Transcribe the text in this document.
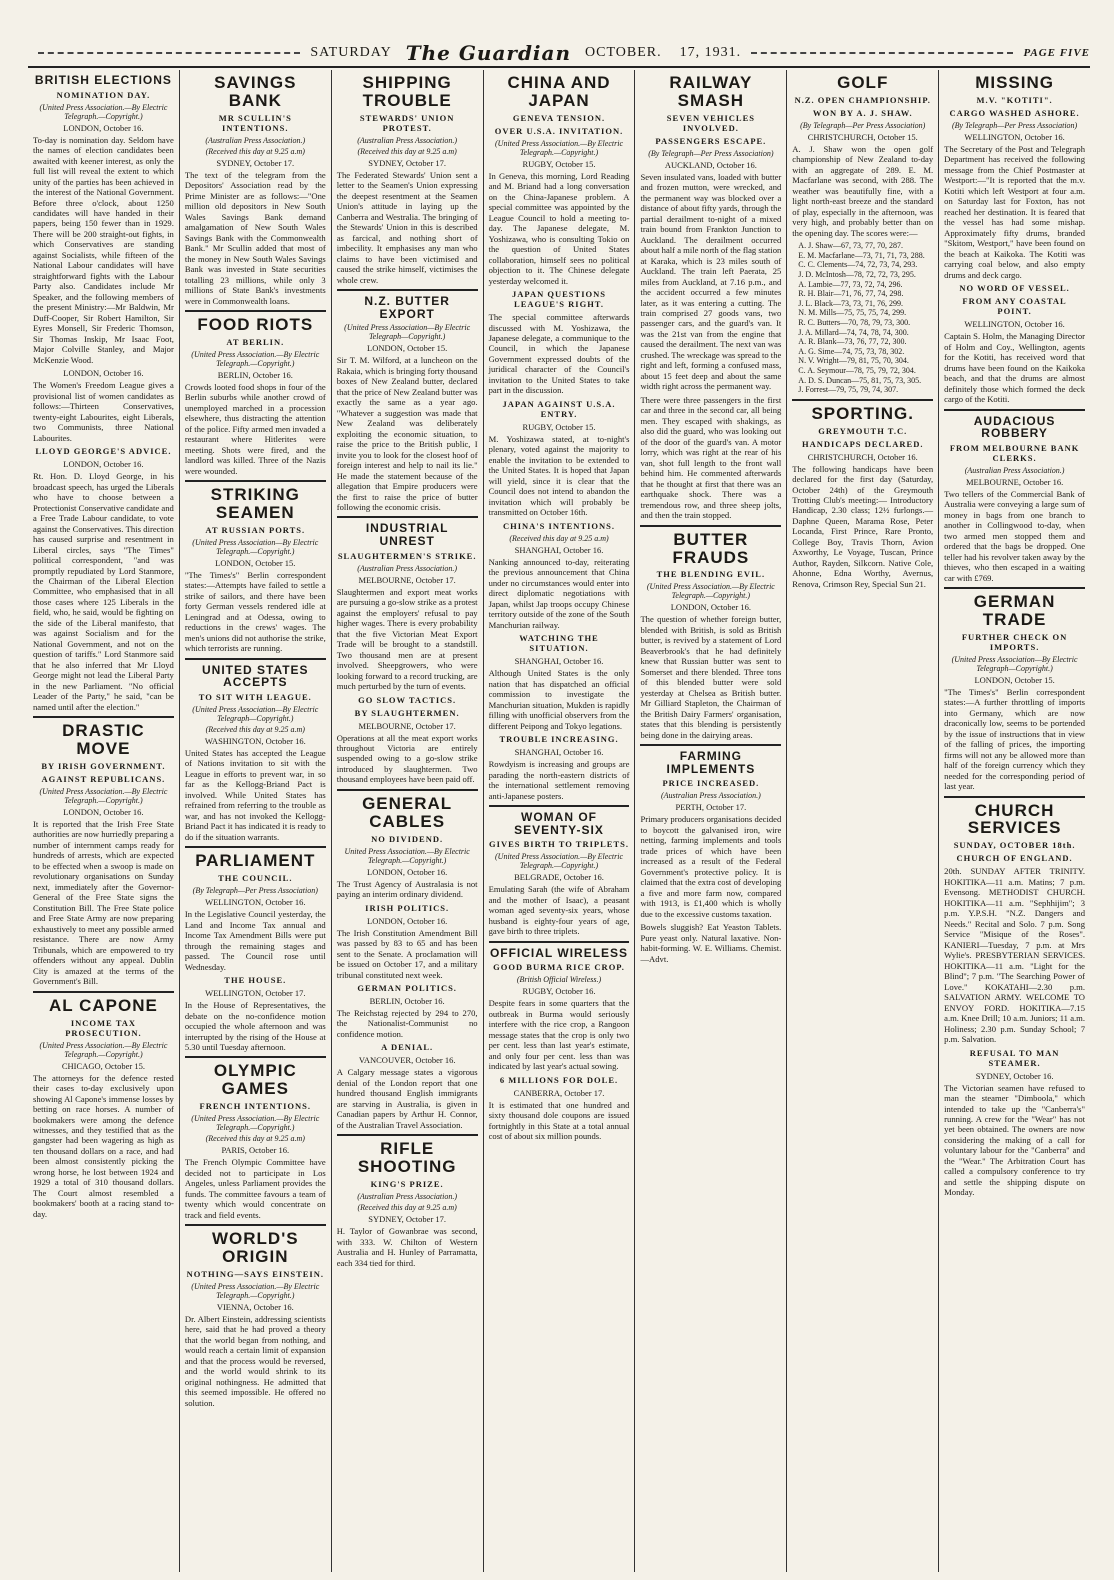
SATURDAY The Guardian OCTOBER. 17, 1931.	PAGE FIVE
BRITISH ELECTIONS
NOMINATION DAY.
(United Press Association.—By Electric Telegraph.—Copyright.)
LONDON, October 16.

To-day is nomination day. Seldom have the names of election candidates been awaited with keener interest, as only the full list will reveal the extent to which unity of the parties has been achieved in the interest of the National Government. Before three o'clock, about 1250 candidates will have handed in their papers, being 150 fewer than in 1929. There will be 200 straight-out fights, in which Conservatives are standing against Socialists, while fifteen of the National Labour candidates will have straightforward fights with the Labour Party also. Candidates include Mr Speaker, and the following members of the present Ministry:—Mr Baldwin, Mr Duff-Cooper, Sir Robert Hamilton, Sir Eyres Monsell, Sir Frederic Thomson, Sir Thomas Inskip, Mr Isaac Foot, Major Colville Stanley, and Major McKenzie Wood.

LONDON, October 16.

The Women's Freedom League gives a provisional list of women candidates as follows:—Thirteen Conservatives, twenty-eight Labourites, eight Liberals, two Communists, three National Labourites.

LLOYD GEORGE'S ADVICE.
LONDON, October 16.

Rt. Hon. D. Lloyd George, in his broadcast speech, has urged the Liberals who have to choose between a Protectionist Conservative candidate and a Free Trade Labour candidate, to vote against the Conservatives. This direction has caused surprise and resentment in Liberal circles, says "The Times" political correspondent, "and was promptly repudiated by Lord Stanmore, the Chairman of the Liberal Election Committee, who emphasised that in all those cases where 125 Liberals in the field, who, he said, would be fighting on the side of the Liberal manifesto, that was against Socialism and for the National Government, and not on the question of tariffs." Lord Stanmore said that he also inferred that Mr Lloyd George might not lead the Liberal Party in the new Parliament. "No official Leader of the Party," he said, "can be named until after the election."

DRASTIC MOVE
BY IRISH GOVERNMENT.
AGAINST REPUBLICANS.
(United Press Association.—By Electric Telegraph.—Copyright.)
LONDON, October 16.

It is reported that the Irish Free State authorities are now hurriedly preparing a number of internment camps ready for hundreds of arrests, which are expected to be effected when a swoop is made on revolutionary organisations on Sunday next, immediately after the Governor-General of the Free State signs the Constitution Bill. The Free State police and Free State Army are now preparing exhaustively to meet any possible armed resistance. There are now Army Tribunals, which are empowered to try offenders without any appeal. Dublin City is amazed at the terms of the Government's Bill.

AL CAPONE
INCOME TAX PROSECUTION.
(United Press Association.—By Electric Telegraph.—Copyright.)
CHICAGO, October 15.

The attorneys for the defence rested their cases to-day exclusively upon showing Al Capone's immense losses by betting on race horses. A number of bookmakers were among the defence witnesses, and they testified that as the gangster had been wagering as high as ten thousand dollars on a race, and had been almost consistently picking the wrong horse, he lost between 1924 and 1929 a total of 310 thousand dollars. The Court almost resembled a bookmakers' booth at a racing stand to-day.

SAVINGS BANK
MR SCULLIN'S INTENTIONS.
(Australian Press Association.)
(Received this day at 9.25 a.m)
SYDNEY, October 17.

The text of the telegram from the Depositors' Association read by the Prime Minister are as follows:—"One million old depositors in New South Wales Savings Bank demand amalgamation of New South Wales Savings Bank with the Commonwealth Bank." Mr Scullin added that most of the money in New South Wales Savings Bank was invested in State securities totalling 23 millions, while only 3 millions of State Bank's investments were in Commonwealth loans.

FOOD RIOTS
AT BERLIN.
(United Press Association.—By Electric Telegraph.—Copyright.)
BERLIN, October 16.

Crowds looted food shops in four of the Berlin suburbs while another crowd of unemployed marched in a procession elsewhere, thus distracting the attention of the police. Fifty armed men invaded a restaurant where Hitlerites were meeting. Shots were fired, and the landlord was killed. Three of the Nazis were wounded.

STRIKING SEAMEN
AT RUSSIAN PORTS.
(United Press Association—By Electric Telegraph.—Copyright.)
LONDON, October 15.

"The Times's" Berlin correspondent states:—Attempts have failed to settle a strike of sailors, and there have been forty German vessels rendered idle at Leningrad and at Odessa, owing to reductions in the crews' wages. The men's unions did not authorise the strike, which terrorists are running.

UNITED STATES ACCEPTS
TO SIT WITH LEAGUE.
(United Press Association—By Electric Telegraph—Copyright.)
(Received this day at 9.25 a.m)
WASHINGTON, October 16.

United States has accepted the League of Nations invitation to sit with the League in efforts to prevent war, in so far as the Kellogg-Briand Pact is involved. While United States has refrained from referring to the trouble as war, and has not invoked the Kellogg-Briand Pact it has indicated it is ready to do if the situation warrants.

PARLIAMENT
THE COUNCIL.
(By Telegraph—Per Press Association)
WELLINGTON, October 16.

In the Legislative Council yesterday, the Land and Income Tax annual and Income Tax Amendment Bills were put through the remaining stages and passed. The Council rose until Wednesday.

THE HOUSE.
WELLINGTON, October 17.

In the House of Representatives, the debate on the no-confidence motion occupied the whole afternoon and was interrupted by the rising of the House at 5.30 until Tuesday afternoon.

OLYMPIC GAMES
FRENCH INTENTIONS.
(United Press Association.—By Electric Telegraph.—Copyright.)
(Received this day at 9.25 a.m)
PARIS, October 16.

The French Olympic Committee have decided not to participate in Los Angeles, unless Parliament provides the funds. The committee favours a team of twenty which would concentrate on track and field events.

WORLD'S ORIGIN
NOTHING—SAYS EINSTEIN.
(United Press Association.—By Electric Telegraph.—Copyright.)
VIENNA, October 16.

Dr. Albert Einstein, addressing scientists here, said that he had proved a theory that the world began from nothing, and would reach a certain limit of expansion and that the process would be reversed, and the world would shrink to its original nothingness. He admitted that this seemed impossible. He offered no solution.

SHIPPING TROUBLE
STEWARDS' UNION PROTEST.
(Australian Press Association.)
(Received this day at 9.25 a.m)
SYDNEY, October 17.

The Federated Stewards' Union sent a letter to the Seamen's Union expressing the deepest resentment at the Seamen Union's attitude in laying up the Canberra and Westralia. The bringing of the Stewards' Union in this is described as farcical, and nothing short of imbecility. It emphasises any man who claims to have been victimised and caused the strike himself, victimises the whole crew.

N.Z. BUTTER EXPORT
(United Press Association—By Electric Telegraph—Copyright.)
LONDON, October 15.

Sir T. M. Wilford, at a luncheon on the Rakaia, which is bringing forty thousand boxes of New Zealand butter, declared that the price of New Zealand butter was exactly the same as a year ago. "Whatever a suggestion was made that New Zealand was deliberately exploiting the economic situation, to raise the price to the British public, I invite you to look for the closest hoof of foreign interest and help to nail its lie." He made the statement because of the allegation that Empire producers were the first to raise the price of butter following the economic crisis.

INDUSTRIAL UNREST
SLAUGHTERMEN'S STRIKE.
(Australian Press Association.)
MELBOURNE, October 17.

Slaughtermen and export meat works are pursuing a go-slow strike as a protest against the employers' refusal to pay higher wages. There is every probability that the five Victorian Meat Export Trade will be brought to a standstill. Two thousand men are at present involved. Sheepgrowers, who were looking forward to a record trucking, are much perturbed by the turn of events.

GO SLOW TACTICS.
BY SLAUGHTERMEN.
MELBOURNE, October 17.

Operations at all the meat export works throughout Victoria are entirely suspended owing to a go-slow strike introduced by slaughtermen. Two thousand employees have been paid off.

GENERAL CABLES
NO DIVIDEND.
United Press Association.—By Electric Telegraph.—Copyright.)
LONDON, October 16.

The Trust Agency of Australasia is not paying an interim ordinary dividend.

IRISH POLITICS.
LONDON, October 16.

The Irish Constitution Amendment Bill was passed by 83 to 65 and has been sent to the Senate. A proclamation will be issued on October 17, and a military tribunal constituted next week.

GERMAN POLITICS.
BERLIN, October 16.

The Reichstag rejected by 294 to 270, the Nationalist-Communist no confidence motion.

A DENIAL.
VANCOUVER, October 16.

A Calgary message states a vigorous denial of the London report that one hundred thousand English immigrants are starving in Australia, is given in Canadian papers by Arthur H. Connor, of the Australian Travel Association.

RIFLE SHOOTING
KING'S PRIZE.
(Australian Press Association.)
(Received this day at 9.25 a.m)
SYDNEY, October 17.

H. Taylor of Gowanbrae was second, with 333. W. Chilton of Western Australia and H. Hunley of Parramatta, each 334 tied for third.

CHINA AND JAPAN
GENEVA TENSION.
OVER U.S.A. INVITATION.
(United Press Association.—By Electric Telegraph.—Copyright.)
RUGBY, October 15.

In Geneva, this morning, Lord Reading and M. Briand had a long conversation on the China-Japanese problem. A special committee was appointed by the League Council to hold a meeting to-day. The Japanese delegate, M. Yoshizawa, who is consulting Tokio on the question of United States collaboration, himself sees no political objection to it. The Chinese delegate yesterday welcomed it.

JAPAN QUESTIONS LEAGUE'S RIGHT.

The special committee afterwards discussed with M. Yoshizawa, the Japanese delegate, a communique to the Council, in which the Japanese Government expressed doubts of the juridical character of the Council's invitation to the United States to take part in the discussion.

JAPAN AGAINST U.S.A. ENTRY.
RUGBY, October 15.

M. Yoshizawa stated, at to-night's plenary, voted against the majority to enable the invitation to be extended to the United States. It is hoped that Japan will yield, since it is clear that the Council does not intend to abandon the invitation which will probably be transmitted on October 16th.

CHINA'S INTENTIONS.
(Received this day at 9.25 a.m)
SHANGHAI, October 16.

Nanking announced to-day, reiterating the previous announcement that China under no circumstances would enter into direct diplomatic negotiations with Japan, whilst Jap troops occupy Chinese territory outside of the zone of the South Manchurian railway.

WATCHING THE SITUATION.
SHANGHAI, October 16.

Although United States is the only nation that has dispatched an official commission to investigate the Manchurian situation, Mukden is rapidly filling with unofficial observers from the different Peipong and Tokyo legations.

TROUBLE INCREASING.
SHANGHAI, October 16.

Rowdyism is increasing and groups are parading the north-eastern districts of the international settlement removing anti-Japanese posters.

WOMAN OF SEVENTY-SIX
GIVES BIRTH TO TRIPLETS.
(United Press Association.—By Electric Telegraph.—Copyright.)
BELGRADE, October 16.

Emulating Sarah (the wife of Abraham and the mother of Isaac), a peasant woman aged seventy-six years, whose husband is eighty-four years of age, gave birth to three triplets.

OFFICIAL WIRELESS
GOOD BURMA RICE CROP.
(British Official Wireless.)
RUGBY, October 16.

Despite fears in some quarters that the outbreak in Burma would seriously interfere with the rice crop, a Rangoon message states that the crop is only two per cent. less than last year's estimate, and only four per cent. less than was indicated by last year's actual sowing.

6 MILLIONS FOR DOLE.
CANBERRA, October 17.

It is estimated that one hundred and sixty thousand dole coupons are issued fortnightly in this State at a total annual cost of about six million pounds.

RAILWAY SMASH
SEVEN VEHICLES INVOLVED.
PASSENGERS ESCAPE.
(By Telegraph—Per Press Association)
AUCKLAND, October 16.

Seven insulated vans, loaded with butter and frozen mutton, were wrecked, and the permanent way was blocked over a distance of about fifty yards, through the partial derailment to-night of a mixed train bound from Frankton Junction to Auckland. The derailment occurred about half a mile north of the flag station at Karaka, which is 23 miles south of Auckland. The train left Paerata, 25 miles from Auckland, at 7.16 p.m., and the accident occurred a few minutes later, as it was entering a cutting. The train comprised 27 goods vans, two passenger cars, and the guard's van. It was the 21st van from the engine that caused the derailment. The next van was crushed. The wreckage was spread to the right and left, forming a confused mass, about 15 feet deep and about the same width right across the permanent way.

There were three passengers in the first car and three in the second car, all being men. They escaped with shakings, as also did the guard, who was looking out of the door of the guard's van. A motor lorry, which was right at the rear of his van, shot full length to the front wall behind him. He commented afterwards that he thought at first that there was an earthquake shock. There was a tremendous row, and three sheep jolts, and then the train stopped.

BUTTER FRAUDS
THE BLENDING EVIL.
(United Press Association.—By Electric Telegraph.—Copyright.)
LONDON, October 16.

The question of whether foreign butter, blended with British, is sold as British butter, is revived by a statement of Lord Beaverbrook's that he had definitely knew that Russian butter was sent to Somerset and there blended. Three tons of this blended butter were sold yesterday at Chelsea as British butter. Mr Gilliard Stapleton, the Chairman of the British Dairy Farmers' organisation, states that this blending is persistently being done in the dairying areas.

FARMING IMPLEMENTS
PRICE INCREASED.
(Australian Press Association.)
PERTH, October 17.

Primary producers organisations decided to boycott the galvanised iron, wire netting, farming implements and tools trade prices of which have been increased as a result of the Federal Government's protective policy. It is claimed that the extra cost of developing a five and more farm now, compared with 1913, is £1,400 which is wholly due to the excessive customs taxation.

Bowels sluggish? Eat Yeaston Tablets. Pure yeast only. Natural laxative. Non-habit-forming. W. E. Williams. Chemist.—Advt.

GOLF
N.Z. OPEN CHAMPIONSHIP.
WON BY A. J. SHAW.
(By Telegraph—Per Press Association)
CHRISTCHURCH, October 15.

A. J. Shaw won the open golf championship of New Zealand to-day with an aggregate of 289. E. M. Macfarlane was second, with 288. The weather was beautifully fine, with a light north-east breeze and the standard of play, especially in the afternoon, was very high, and probably better than on the opening day. The scores were:—

A. J. Shaw—67, 73, 77, 70, 287.
E. M. Macfarlane—73, 71, 71, 73, 288.
C. C. Clements—74, 72, 73, 74, 293.
J. D. McIntosh—78, 72, 72, 73, 295.
A. Lambie—77, 73, 72, 74, 296.
R. H. Blair—71, 76, 77, 74, 298.
J. L. Black—73, 73, 71, 76, 299.
N. M. Mills—75, 75, 75, 74, 299.
R. C. Butters—70, 78, 79, 73, 300.
J. A. Millard—74, 74, 78, 74, 300.
A. R. Blank—73, 76, 77, 72, 300.
A. G. Sime—74, 75, 73, 78, 302.
N. V. Wright—79, 81, 75, 70, 304.
C. A. Seymour—78, 75, 79, 72, 304.
A. D. S. Duncan—75, 81, 75, 73, 305.
J. Forrest—79, 75, 79, 74, 307.
SPORTING.
GREYMOUTH T.C.
HANDICAPS DECLARED.
CHRISTCHURCH, October 16.

The following handicaps have been declared for the first day (Saturday, October 24th) of the Greymouth Trotting Club's meeting:— Introductory Handicap, 2.30 class; 12½ furlongs.—Daphne Queen, Marama Rose, Peter Locanda, First Prince, Rare Pronto, College Boy, Travis Thorn, Avion Axworthy, Le Voyage, Tuscan, Prince Author, Rayden, Silkcorn. Native Cole, Ahonne, Edna Worthy, Avernus, Renova, Crimson Rey, Special Sun 21.

MISSING
M.V. "KOTITI".
CARGO WASHED ASHORE.
(By Telegraph—Per Press Association)
WELLINGTON, October 16.

The Secretary of the Post and Telegraph Department has received the following message from the Chief Postmaster at Westport:—"It is reported that the m.v. Kotiti which left Westport at four a.m. on Saturday last for Foxton, has not reached her destination. It is feared that the vessel has had some mishap. Approximately fifty drums, branded "Skitom, Westport," have been found on the beach at Kaikoka. The Kotiti was carrying coal below, and also empty drums and deck cargo.

NO WORD OF VESSEL.
FROM ANY COASTAL POINT.
WELLINGTON, October 16.

Captain S. Holm, the Managing Director of Holm and Coy., Wellington, agents for the Kotiti, has received word that drums have been found on the Kaikoka beach, and that the drums are almost definitely those which formed the deck cargo of the Kotiti.

AUDACIOUS ROBBERY
FROM MELBOURNE BANK CLERKS.
(Australian Press Association.)
MELBOURNE, October 16.

Two tellers of the Commercial Bank of Australia were conveying a large sum of money in bags from one branch to another in Collingwood to-day, when two armed men stopped them and ordered that the bags be dropped. One teller had his revolver taken away by the thieves, who then escaped in a waiting car with £769.

GERMAN TRADE
FURTHER CHECK ON IMPORTS.
(United Press Association—By Electric Telegraph—Copyright.)
LONDON, October 15.

"The Times's" Berlin correspondent states:—A further throttling of imports into Germany, which are now draconically low, seems to be portended by the issue of instructions that in view of the falling of prices, the importing firms will not any be allowed more than half of the foreign currency which they needed for the corresponding period of last year.

CHURCH SERVICES
SUNDAY, OCTOBER 18th.
CHURCH OF ENGLAND.

20th. SUNDAY AFTER TRINITY. HOKITIKA—11 a.m. Matins; 7 p.m. Evensong. METHODIST CHURCH. HOKITIKA—11 a.m. "Sephhijim"; 3 p.m. Y.P.S.H. "N.Z. Dangers and Needs." Recital and Solo. 7 p.m. Song Service "Misique of the Roses". KANIERI—Tuesday, 7 p.m. at Mrs Wylie's. PRESBYTERIAN SERVICES. HOKITIKA—11 a.m. "Light for the Blind"; 7 p.m. "The Searching Power of Love." KOKATAHI—2.30 p.m. SALVATION ARMY. WELCOME TO ENVOY FORD. HOKITIKA—7.15 a.m. Knee Drill; 10 a.m. Juniors; 11 a.m. Holiness; 2.30 p.m. Sunday School; 7 p.m. Salvation.

REFUSAL TO MAN STEAMER.
SYDNEY, October 16.

The Victorian seamen have refused to man the steamer "Dimboola," which intended to take up the "Canberra's" running. A crew for the "Wear" has not yet been obtained. The owners are now considering the making of a call for voluntary labour for the "Canberra" and the "Wear." The Arbitration Court has called a compulsory conference to try and settle the shipping dispute on Monday.
